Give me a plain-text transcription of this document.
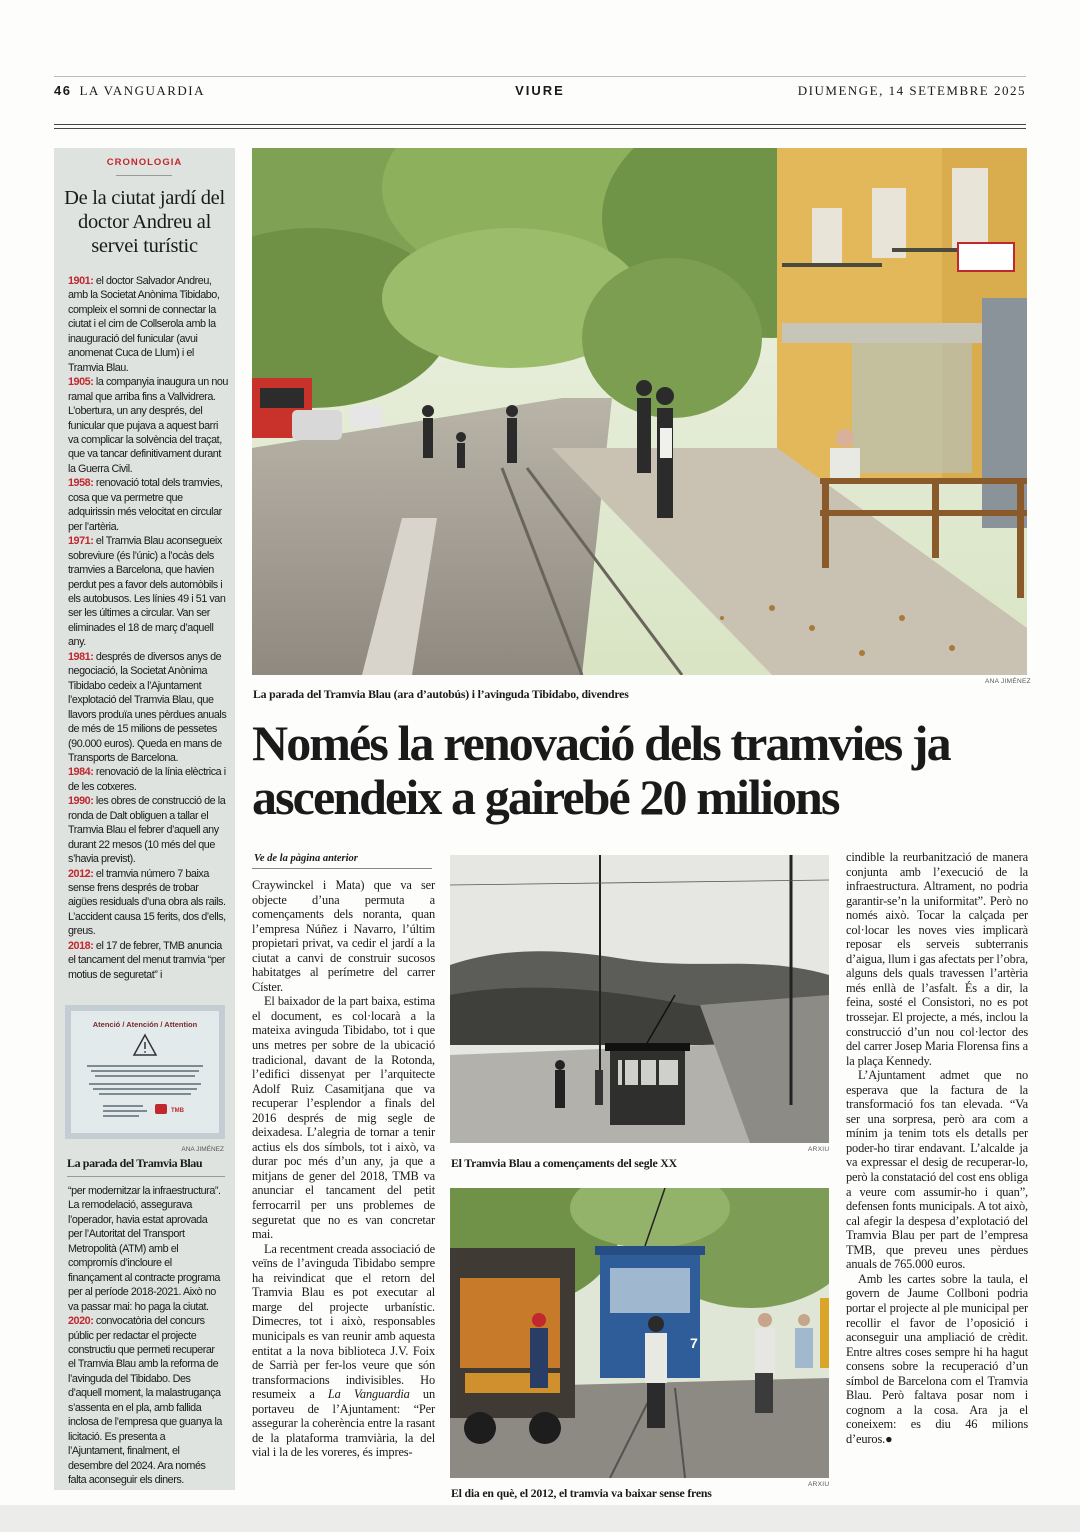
46 LA VANGUARDIA	VIURE	DIUMENGE, 14 SETEMBRE 2025
CRONOLOGIA
De la ciutat jardí del doctor Andreu al servei turístic
1901: el doctor Salvador Andreu, amb la Societat Anònima Tibidabo, compleix el somni de connectar la ciutat i el cim de Collserola amb la inauguració del funicular (avui anomenat Cuca de Llum) i el Tramvia Blau.
1905: la companyia inaugura un nou ramal que arriba fins a Vallvidrera. L’obertura, un any després, del funicular que pujava a aquest barri va complicar la solvència del traçat, que va tancar definitivament durant la Guerra Civil.
1958: renovació total dels tramvies, cosa que va permetre que adquirissin més velocitat en circular per l’artèria.
1971: el Tramvia Blau aconsegueix sobreviure (és l’únic) a l’ocàs dels tramvies a Barcelona, que havien perdut pes a favor dels automòbils i els autobusos. Les línies 49 i 51 van ser les últimes a circular. Van ser eliminades el 18 de març d’aquell any.
1981: després de diversos anys de negociació, la Societat Anònima Tibidabo cedeix a l’Ajuntament l’explotació del Tramvia Blau, que llavors produïa unes pèrdues anuals de més de 15 milions de pessetes (90.000 euros). Queda en mans de Transports de Barcelona.
1984: renovació de la línia elèctrica i de les cotxeres.
1990: les obres de construcció de la ronda de Dalt obliguen a tallar el Tramvia Blau el febrer d’aquell any durant 22 mesos (10 més del que s’havia previst).
2012: el tramvia número 7 baixa sense frens després de trobar aigües residuals d’una obra als rails. L’accident causa 15 ferits, dos d’ells, greus.
2018: el 17 de febrer, TMB anuncia el tancament del menut tramvia “per motius de seguretat” i
Atenció / Atención / Attention
TMB
ANA JIMÉNEZ
La parada del Tramvia Blau
“per modernitzar la infraestructura”. La remodelació, assegurava l’operador, havia estat aprovada per l’Autoritat del Transport Metropolità (ATM) amb el compromís d’incloure el finançament al contracte programa per al període 2018-2021. Això no va passar mai: ho paga la ciutat.
2020: convocatòria del concurs públic per redactar el projecte constructiu que permeti recuperar el Tramvia Blau amb la reforma de l’avinguda del Tibidabo. Des d’aquell moment, la malastrugança s’assenta en el pla, amb fallida inclosa de l’empresa que guanya la licitació. Es presenta a l’Ajuntament, finalment, el desembre del 2024. Ara només falta aconseguir els diners.
ANA JIMÉNEZ
La parada del Tramvia Blau (ara d’autobús) i l’avinguda Tibidabo, divendres
Només la renovació dels tramvies ja ascendeix a gairebé 20 milions
Ve de la pàgina anterior

Craywinckel i Mata) que va ser objecte d’una permuta a començaments dels noranta, quan l’empresa Núñez i Navarro, l’últim propietari privat, va cedir el jardí a la ciutat a canvi de construir sucosos habitatges al perímetre del carrer Císter.

El baixador de la part baixa, estima el document, es col·locarà a la mateixa avinguda Tibidabo, tot i que uns metres per sobre de la ubicació tradicional, davant de la Rotonda, l’edifici dissenyat per l’arquitecte Adolf Ruiz Casamitjana que va recuperar l’esplendor a finals del 2016 després de mig segle de deixadesa. L’alegria de tornar a tenir actius els dos símbols, tot i això, va durar poc més d’un any, ja que a mitjans de gener del 2018, TMB va anunciar el tancament del petit ferrocarril per uns problemes de seguretat que no es van concretar mai.

La recentment creada associació de veïns de l’avinguda Tibidabo sempre ha reivindicat que el retorn del Tramvia Blau es pot executar al marge del projecte urbanístic. Dimecres, tot i això, responsables municipals es van reunir amb aquesta entitat a la nova biblioteca J.V. Foix de Sarrià per fer-los veure que són transformacions indivisibles. Ho resumeix a La Vanguardia un portaveu de l’Ajuntament: “Per assegurar la coherència entre la rasant de la plataforma tramviària, la del vial i la de les voreres, és impres-

ARXIU
El Tramvia Blau a començaments del segle XX
7
ARXIU
El dia en què, el 2012, el tramvia va baixar sense frens

cindible la reurbanització de manera conjunta amb l’execució de la infraestructura. Altrament, no podria garantir-se’n la uniformitat”. Però no només això. Tocar la calçada per col·locar les noves vies implicarà reposar els serveis subterranis d’aigua, llum i gas afectats per l’obra, alguns dels quals travessen l’artèria més enllà de l’asfalt. És a dir, la feina, sosté el Consistori, no es pot trossejar. El projecte, a més, inclou la construcció d’un nou col·lector des del carrer Josep Maria Florensa fins a la plaça Kennedy.

L’Ajuntament admet que no esperava que la factura de la transformació fos tan elevada. “Va ser una sorpresa, però ara com a mínim ja tenim tots els detalls per poder-ho tirar endavant. L’alcalde ja va expressar el desig de recuperar-lo, però la constatació del cost ens obliga a veure com assumir-ho i quan”, defensen fonts municipals. A tot això, cal afegir la despesa d’explotació del Tramvia Blau per part de l’empresa TMB, que preveu unes pèrdues anuals de 765.000 euros.

Amb les cartes sobre la taula, el govern de Jaume Collboni podria portar el projecte al ple municipal per recollir el favor de l’oposició i aconseguir una ampliació de crèdit. Entre altres coses sempre hi ha hagut consens sobre la recuperació d’un símbol de Barcelona com el Tramvia Blau. Però faltava posar nom i cognom a la cosa. Ara ja el coneixem: es diu 46 milions d’euros.●
